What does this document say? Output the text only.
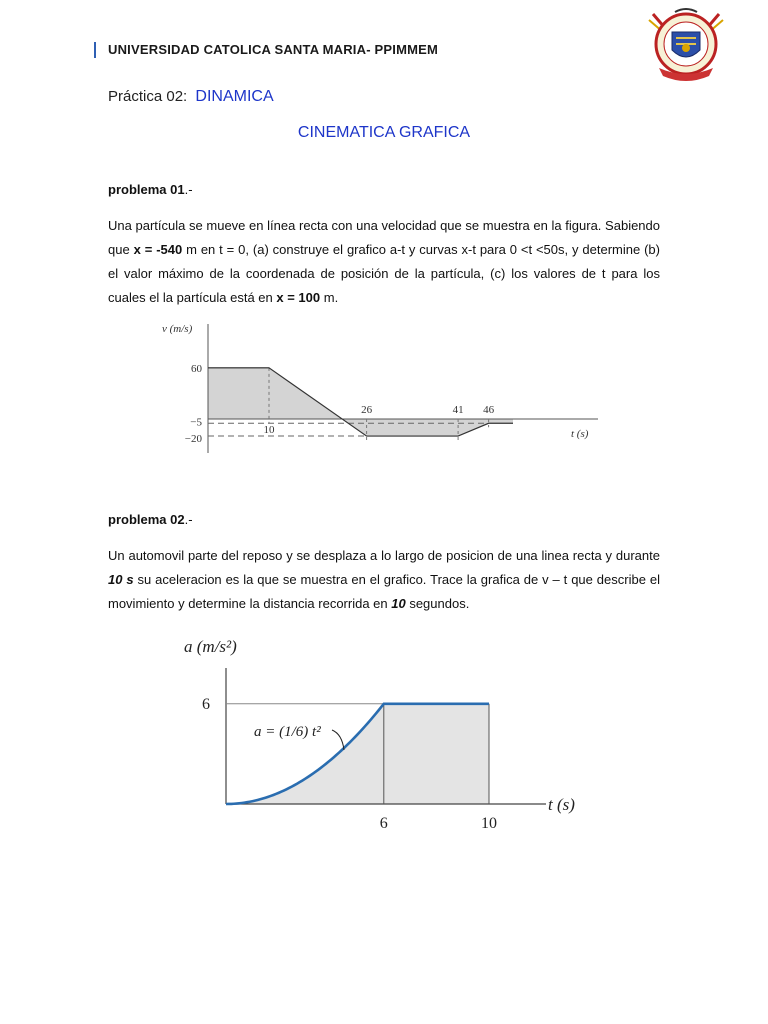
UNIVERSIDAD CATOLICA SANTA MARIA- PPIMMEM
Práctica 02: DINAMICA
CINEMATICA GRAFICA
problema 01.-
Una partícula se mueve en línea recta con una velocidad que se muestra en la figura. Sabiendo que x = -540 m en t = 0, (a) construye el grafico a-t y curvas x-t para 0 <t <50s, y determine (b) el valor máximo de la coordenada de posición de la partícula, (c) los valores de t para los cuales el la partícula está en x = 100 m.
v (m/s)
60
−5
−20
10
26	41 46
t (s)
problema 02.-
Un automovil parte del reposo y se desplaza a lo largo de posicion de una linea recta y durante 10 s su aceleracion es la que se muestra en el grafico. Trace la grafica de v – t que describe el movimiento y determine la distancia recorrida en 10 segundos.
a (m/s²)
6
6	10
t (s)
a = (1/6) t²
